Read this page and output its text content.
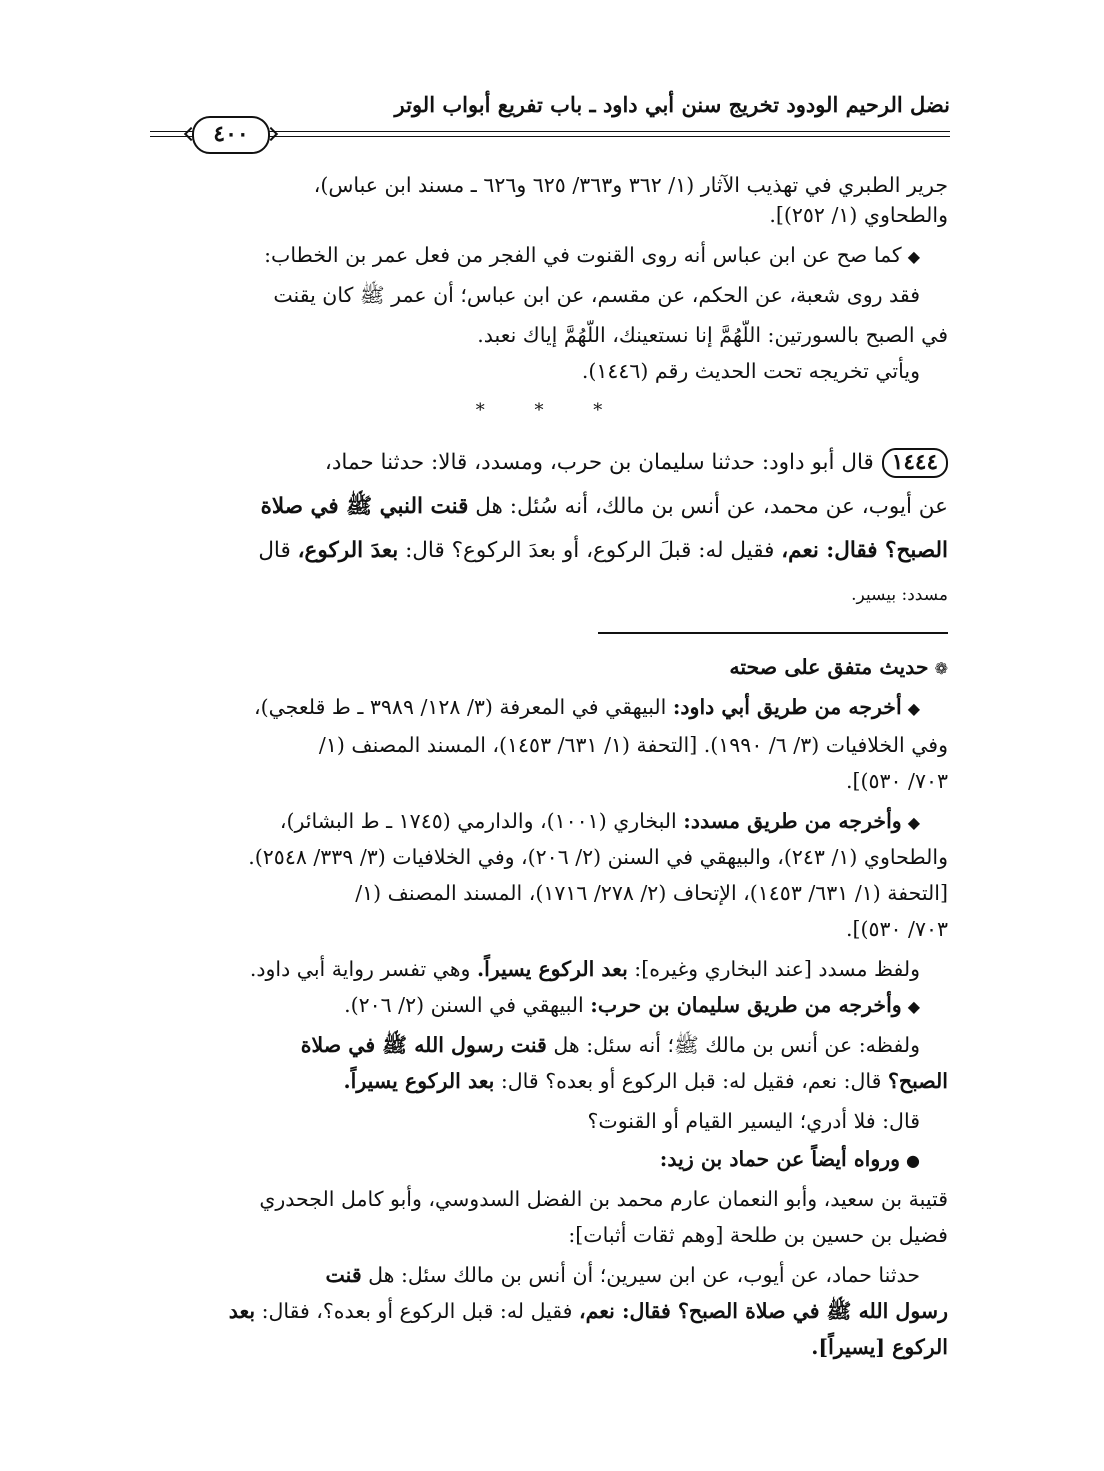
نضل الرحيم الودود تخريج سنن أبي داود ـ باب تفريع أبواب الوتر
٤٠٠
جرير الطبري في تهذيب الآثار (١/ ٣٦٢ و٣٦٣/ ٦٢٥ و٦٢٦ ـ مسند ابن عباس)،
والطحاوي (١/ ٢٥٢)].
◆كما صح عن ابن عباس أنه روى القنوت في الفجر من فعل عمر بن الخطاب:
فقد روى شعبة، عن الحكم، عن مقسم، عن ابن عباس؛ أن عمر ﷺ كان يقنت
في الصبح بالسورتين: اللَّهُمَّ إنا نستعينك، اللَّهُمَّ إياك نعبد.
ويأتي تخريجه تحت الحديث رقم (١٤٤٦).
* * *
١٤٤٤قال أبو داود: حدثنا سليمان بن حرب، ومسدد، قالا: حدثنا حماد،
عن أيوب، عن محمد، عن أنس بن مالك، أنه سُئل: هل قنت النبي ﷺ في صلاة
الصبح؟ فقال: نعم، فقيل له: قبلَ الركوع، أو بعدَ الركوع؟ قال: بعدَ الركوع، قال
مسدد: بيسير.
❁حديث متفق على صحته
◆أخرجه من طريق أبي داود: البيهقي في المعرفة (٣/ ١٢٨/ ٣٩٨٩ ـ ط قلعجي)،
وفي الخلافيات (٣/ ٦/ ١٩٩٠). [التحفة (١/ ٦٣١/ ١٤٥٣)، المسند المصنف (١/
٧٠٣/ ٥٣٠)].
◆وأخرجه من طريق مسدد: البخاري (١٠٠١)، والدارمي (١٧٤٥ ـ ط البشائر)،
والطحاوي (١/ ٢٤٣)، والبيهقي في السنن (٢/ ٢٠٦)، وفي الخلافيات (٣/ ٣٣٩/ ٢٥٤٨).
[التحفة (١/ ٦٣١/ ١٤٥٣)، الإتحاف (٢/ ٢٧٨/ ١٧١٦)، المسند المصنف (١/
٧٠٣/ ٥٣٠)].
ولفظ مسدد [عند البخاري وغيره]: بعد الركوع يسيراً. وهي تفسر رواية أبي داود.
◆وأخرجه من طريق سليمان بن حرب: البيهقي في السنن (٢/ ٢٠٦).
ولفظه: عن أنس بن مالك ﷺ؛ أنه سئل: هل قنت رسول الله ﷺ في صلاة
الصبح؟ قال: نعم، فقيل له: قبل الركوع أو بعده؟ قال: بعد الركوع يسيراً.
قال: فلا أدري؛ اليسير القيام أو القنوت؟
●ورواه أيضاً عن حماد بن زيد:
قتيبة بن سعيد، وأبو النعمان عارم محمد بن الفضل السدوسي، وأبو كامل الجحدري
فضيل بن حسين بن طلحة [وهم ثقات أثبات]:
حدثنا حماد، عن أيوب، عن ابن سيرين؛ أن أنس بن مالك سئل: هل قنت
رسول الله ﷺ في صلاة الصبح؟ فقال: نعم، فقيل له: قبل الركوع أو بعده؟، فقال: بعد
الركوع [يسيراً].
